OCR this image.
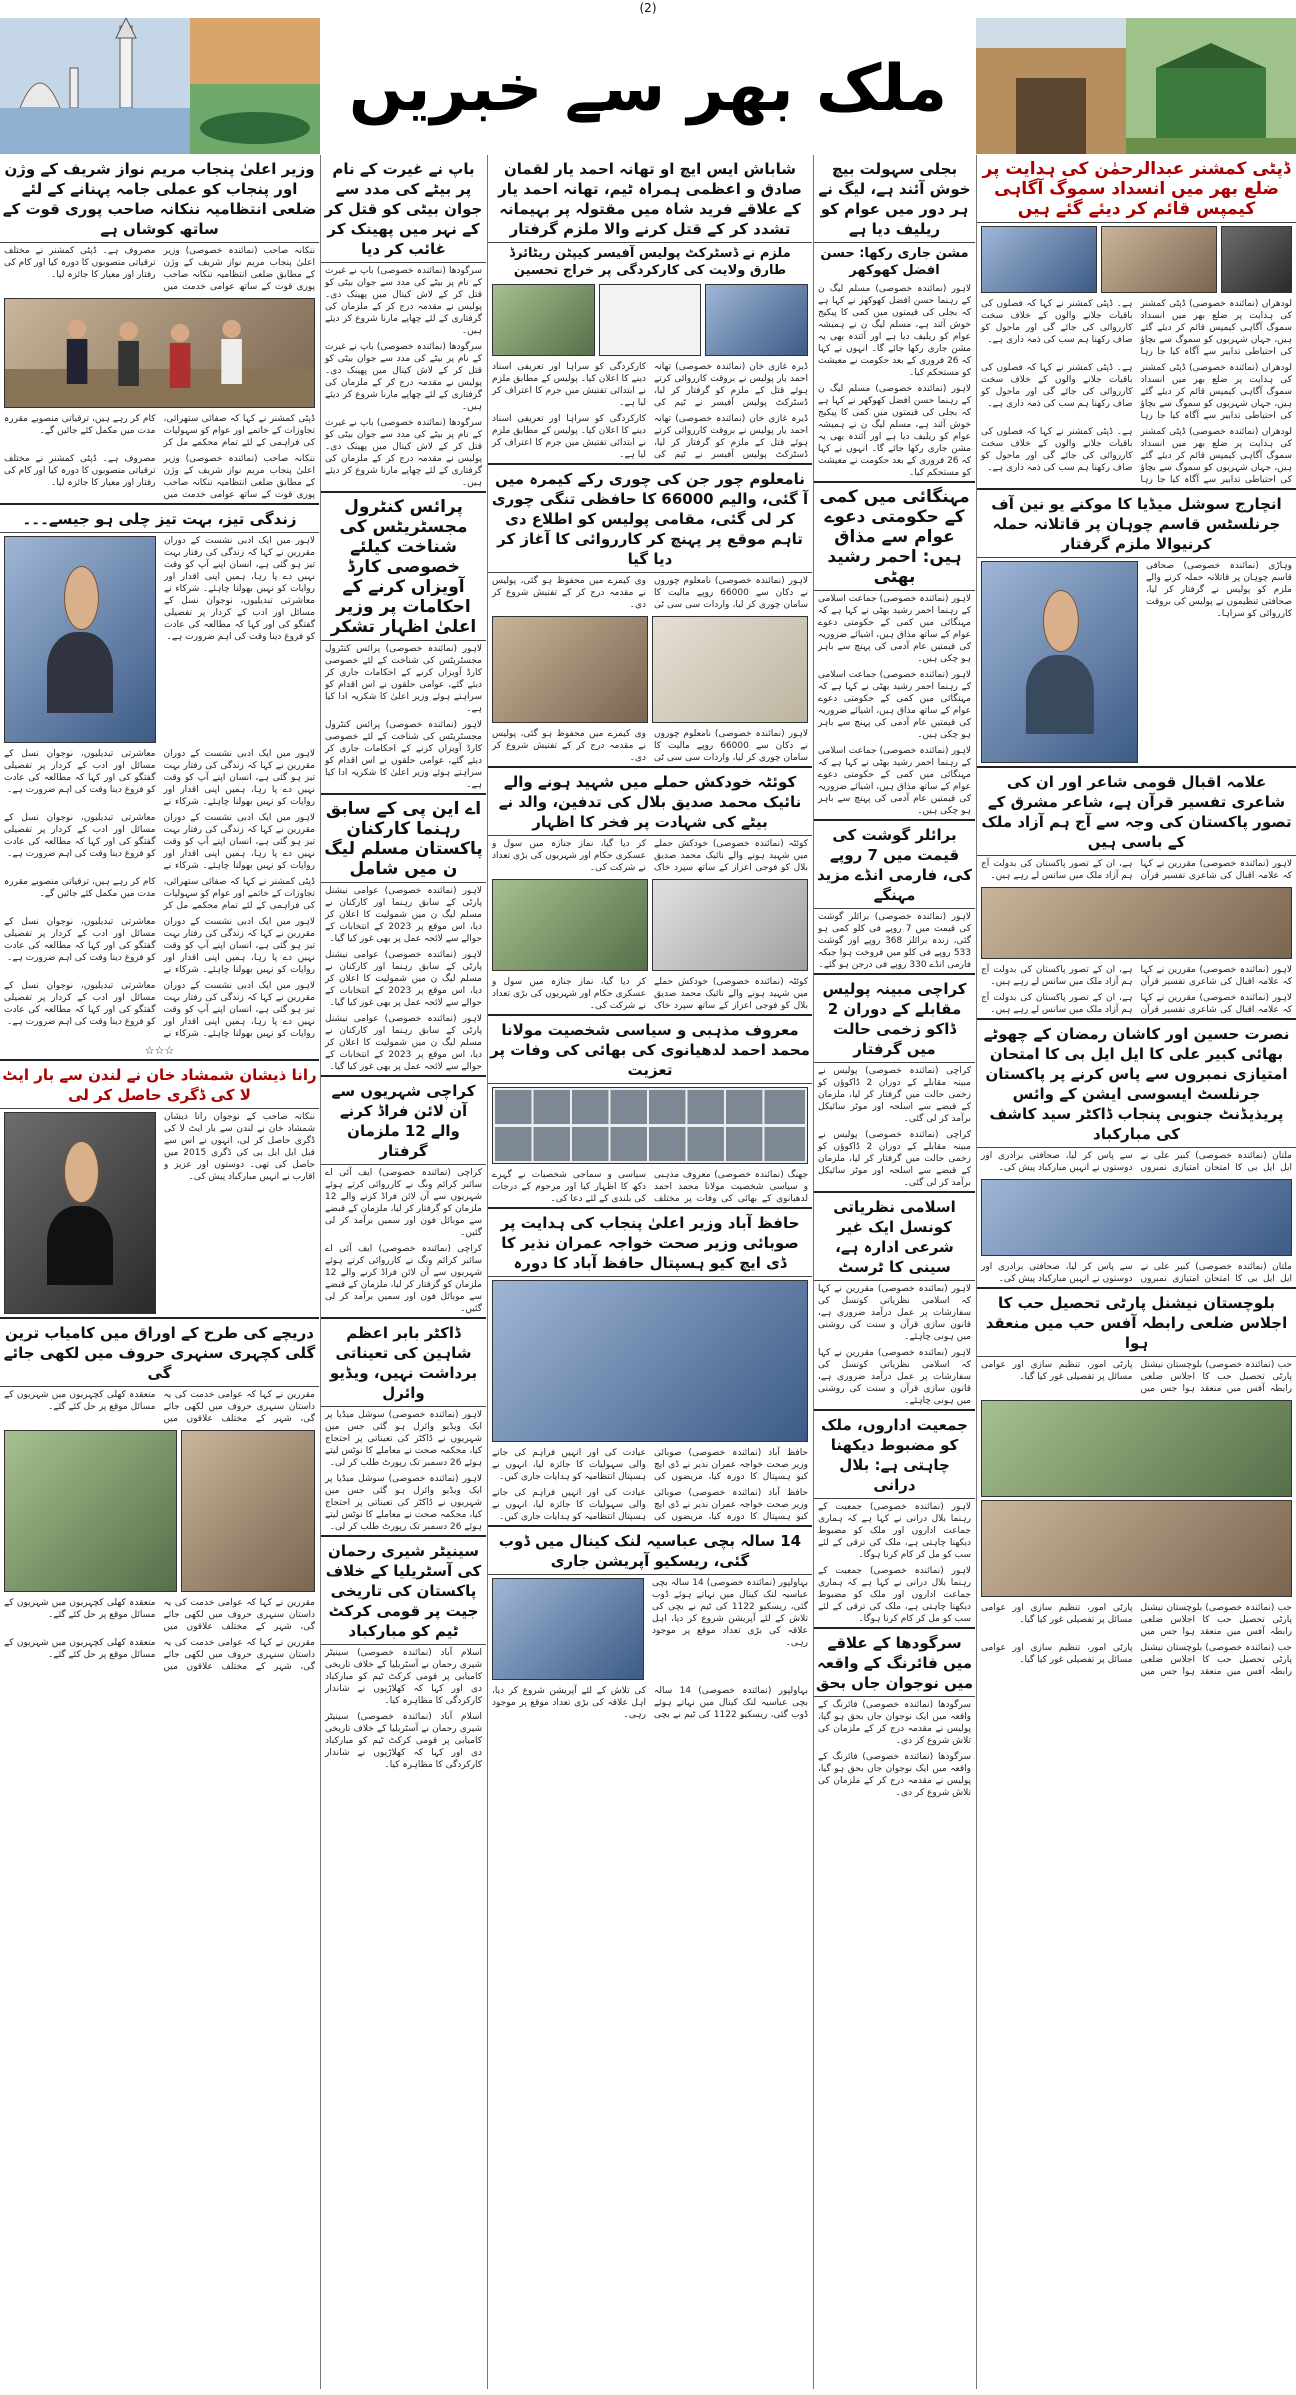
(2)
ملک بھر سے خبریں
وزیر اعلیٰ پنجاب مریم نواز شریف کے وژن اور پنجاب کو عملی جامہ پہنانے کے لئے ضلعی انتظامیہ ننکانہ صاحب پوری قوت کے ساتھ کوشاں ہے
ننکانہ صاحب (نمائندہ خصوصی) وزیر اعلیٰ پنجاب مریم نواز شریف کے وژن کے مطابق ضلعی انتظامیہ ننکانہ صاحب پوری قوت کے ساتھ عوامی خدمت میں مصروف ہے۔ ڈپٹی کمشنر نے مختلف ترقیاتی منصوبوں کا دورہ کیا اور کام کی رفتار اور معیار کا جائزہ لیا۔
ڈپٹی کمشنر نے کہا کہ صفائی ستھرائی، تجاوزات کے خاتمے اور عوام کو سہولیات کی فراہمی کے لئے تمام محکمے مل کر کام کر رہے ہیں، ترقیاتی منصوبے مقررہ مدت میں مکمل کئے جائیں گے۔
ننکانہ صاحب (نمائندہ خصوصی) وزیر اعلیٰ پنجاب مریم نواز شریف کے وژن کے مطابق ضلعی انتظامیہ ننکانہ صاحب پوری قوت کے ساتھ عوامی خدمت میں مصروف ہے۔ ڈپٹی کمشنر نے مختلف ترقیاتی منصوبوں کا دورہ کیا اور کام کی رفتار اور معیار کا جائزہ لیا۔
زندگی تیز، بہت تیز چلی ہو جیسے۔۔۔
لاہور میں ایک ادبی نشست کے دوران مقررین نے کہا کہ زندگی کی رفتار بہت تیز ہو گئی ہے، انسان اپنے آپ کو وقت نہیں دے پا رہا، ہمیں اپنی اقدار اور روایات کو نہیں بھولنا چاہئے۔ شرکاء نے معاشرتی تبدیلیوں، نوجوان نسل کے مسائل اور ادب کے کردار پر تفصیلی گفتگو کی اور کہا کہ مطالعہ کی عادت کو فروغ دینا وقت کی اہم ضرورت ہے۔
لاہور میں ایک ادبی نشست کے دوران مقررین نے کہا کہ زندگی کی رفتار بہت تیز ہو گئی ہے، انسان اپنے آپ کو وقت نہیں دے پا رہا، ہمیں اپنی اقدار اور روایات کو نہیں بھولنا چاہئے۔ شرکاء نے معاشرتی تبدیلیوں، نوجوان نسل کے مسائل اور ادب کے کردار پر تفصیلی گفتگو کی اور کہا کہ مطالعہ کی عادت کو فروغ دینا وقت کی اہم ضرورت ہے۔
لاہور میں ایک ادبی نشست کے دوران مقررین نے کہا کہ زندگی کی رفتار بہت تیز ہو گئی ہے، انسان اپنے آپ کو وقت نہیں دے پا رہا، ہمیں اپنی اقدار اور روایات کو نہیں بھولنا چاہئے۔ شرکاء نے معاشرتی تبدیلیوں، نوجوان نسل کے مسائل اور ادب کے کردار پر تفصیلی گفتگو کی اور کہا کہ مطالعہ کی عادت کو فروغ دینا وقت کی اہم ضرورت ہے۔
ڈپٹی کمشنر نے کہا کہ صفائی ستھرائی، تجاوزات کے خاتمے اور عوام کو سہولیات کی فراہمی کے لئے تمام محکمے مل کر کام کر رہے ہیں، ترقیاتی منصوبے مقررہ مدت میں مکمل کئے جائیں گے۔
لاہور میں ایک ادبی نشست کے دوران مقررین نے کہا کہ زندگی کی رفتار بہت تیز ہو گئی ہے، انسان اپنے آپ کو وقت نہیں دے پا رہا، ہمیں اپنی اقدار اور روایات کو نہیں بھولنا چاہئے۔ شرکاء نے معاشرتی تبدیلیوں، نوجوان نسل کے مسائل اور ادب کے کردار پر تفصیلی گفتگو کی اور کہا کہ مطالعہ کی عادت کو فروغ دینا وقت کی اہم ضرورت ہے۔
لاہور میں ایک ادبی نشست کے دوران مقررین نے کہا کہ زندگی کی رفتار بہت تیز ہو گئی ہے، انسان اپنے آپ کو وقت نہیں دے پا رہا، ہمیں اپنی اقدار اور روایات کو نہیں بھولنا چاہئے۔ شرکاء نے معاشرتی تبدیلیوں، نوجوان نسل کے مسائل اور ادب کے کردار پر تفصیلی گفتگو کی اور کہا کہ مطالعہ کی عادت کو فروغ دینا وقت کی اہم ضرورت ہے۔
☆☆☆
رانا ذیشان شمشاد خان نے لندن سے بار ایٹ لا کی ڈگری حاصل کر لی
ننکانہ صاحب کے نوجوان رانا ذیشان شمشاد خان نے لندن سے بار ایٹ لا کی ڈگری حاصل کر لی، انہوں نے اس سے قبل ایل ایل بی کی ڈگری 2015 میں حاصل کی تھی۔ دوستوں اور عزیز و اقارب نے انہیں مبارکباد پیش کی۔
دریچے کی طرح کے اوراق میں کامیاب ترین گلی کچہری سنہری حروف میں لکھی جائے گی
مقررین نے کہا کہ عوامی خدمت کی یہ داستان سنہری حروف میں لکھی جائے گی، شہر کے مختلف علاقوں میں منعقدہ کھلی کچہریوں میں شہریوں کے مسائل موقع پر حل کئے گئے۔
مقررین نے کہا کہ عوامی خدمت کی یہ داستان سنہری حروف میں لکھی جائے گی، شہر کے مختلف علاقوں میں منعقدہ کھلی کچہریوں میں شہریوں کے مسائل موقع پر حل کئے گئے۔
مقررین نے کہا کہ عوامی خدمت کی یہ داستان سنہری حروف میں لکھی جائے گی، شہر کے مختلف علاقوں میں منعقدہ کھلی کچہریوں میں شہریوں کے مسائل موقع پر حل کئے گئے۔
باپ نے غیرت کے نام پر بیٹے کی مدد سے جوان بیٹی کو قتل کر کے نہر میں پھینک کر غائب کر دیا
سرگودھا (نمائندہ خصوصی) باپ نے غیرت کے نام پر بیٹے کی مدد سے جوان بیٹی کو قتل کر کے لاش کینال میں پھینک دی۔ پولیس نے مقدمہ درج کر کے ملزمان کی گرفتاری کے لئے چھاپے مارنا شروع کر دیئے ہیں۔
سرگودھا (نمائندہ خصوصی) باپ نے غیرت کے نام پر بیٹے کی مدد سے جوان بیٹی کو قتل کر کے لاش کینال میں پھینک دی۔ پولیس نے مقدمہ درج کر کے ملزمان کی گرفتاری کے لئے چھاپے مارنا شروع کر دیئے ہیں۔
سرگودھا (نمائندہ خصوصی) باپ نے غیرت کے نام پر بیٹے کی مدد سے جوان بیٹی کو قتل کر کے لاش کینال میں پھینک دی۔ پولیس نے مقدمہ درج کر کے ملزمان کی گرفتاری کے لئے چھاپے مارنا شروع کر دیئے ہیں۔
پرائس کنٹرول مجسٹریٹس کی شناخت کیلئے خصوصی کارڈ آویزاں کرنے کے احکامات پر وزیر اعلیٰ اظہار تشکر
لاہور (نمائندہ خصوصی) پرائس کنٹرول مجسٹریٹس کی شناخت کے لئے خصوصی کارڈ آویزاں کرنے کے احکامات جاری کر دیئے گئے، عوامی حلقوں نے اس اقدام کو سراہتے ہوئے وزیر اعلیٰ کا شکریہ ادا کیا ہے۔
لاہور (نمائندہ خصوصی) پرائس کنٹرول مجسٹریٹس کی شناخت کے لئے خصوصی کارڈ آویزاں کرنے کے احکامات جاری کر دیئے گئے، عوامی حلقوں نے اس اقدام کو سراہتے ہوئے وزیر اعلیٰ کا شکریہ ادا کیا ہے۔
اے این پی کے سابق رہنما کارکنان پاکستان مسلم لیگ ن میں شامل
لاہور (نمائندہ خصوصی) عوامی نیشنل پارٹی کے سابق رہنما اور کارکنان نے مسلم لیگ ن میں شمولیت کا اعلان کر دیا، اس موقع پر 2023 کے انتخابات کے حوالے سے لائحہ عمل پر بھی غور کیا گیا۔
لاہور (نمائندہ خصوصی) عوامی نیشنل پارٹی کے سابق رہنما اور کارکنان نے مسلم لیگ ن میں شمولیت کا اعلان کر دیا، اس موقع پر 2023 کے انتخابات کے حوالے سے لائحہ عمل پر بھی غور کیا گیا۔
لاہور (نمائندہ خصوصی) عوامی نیشنل پارٹی کے سابق رہنما اور کارکنان نے مسلم لیگ ن میں شمولیت کا اعلان کر دیا، اس موقع پر 2023 کے انتخابات کے حوالے سے لائحہ عمل پر بھی غور کیا گیا۔
کراچی شہریوں سے آن لائن فراڈ کرنے والے 12 ملزمان گرفتار
کراچی (نمائندہ خصوصی) ایف آئی اے سائبر کرائم ونگ نے کارروائی کرتے ہوئے شہریوں سے آن لائن فراڈ کرنے والے 12 ملزمان کو گرفتار کر لیا، ملزمان کے قبضے سے موبائل فون اور سمیں برآمد کر لی گئیں۔
کراچی (نمائندہ خصوصی) ایف آئی اے سائبر کرائم ونگ نے کارروائی کرتے ہوئے شہریوں سے آن لائن فراڈ کرنے والے 12 ملزمان کو گرفتار کر لیا، ملزمان کے قبضے سے موبائل فون اور سمیں برآمد کر لی گئیں۔
ڈاکٹر بابر اعظم شاہین کی تعیناتی برداشت نہیں، ویڈیو وائرل
لاہور (نمائندہ خصوصی) سوشل میڈیا پر ایک ویڈیو وائرل ہو گئی جس میں شہریوں نے ڈاکٹر کی تعیناتی پر احتجاج کیا، محکمہ صحت نے معاملے کا نوٹس لیتے ہوئے 26 دسمبر تک رپورٹ طلب کر لی۔
لاہور (نمائندہ خصوصی) سوشل میڈیا پر ایک ویڈیو وائرل ہو گئی جس میں شہریوں نے ڈاکٹر کی تعیناتی پر احتجاج کیا، محکمہ صحت نے معاملے کا نوٹس لیتے ہوئے 26 دسمبر تک رپورٹ طلب کر لی۔
سینیٹر شیری رحمان کی آسٹریلیا کے خلاف پاکستان کی تاریخی جیت پر قومی کرکٹ ٹیم کو مبارکباد
اسلام آباد (نمائندہ خصوصی) سینیٹر شیری رحمان نے آسٹریلیا کے خلاف تاریخی کامیابی پر قومی کرکٹ ٹیم کو مبارکباد دی اور کہا کہ کھلاڑیوں نے شاندار کارکردگی کا مظاہرہ کیا۔
اسلام آباد (نمائندہ خصوصی) سینیٹر شیری رحمان نے آسٹریلیا کے خلاف تاریخی کامیابی پر قومی کرکٹ ٹیم کو مبارکباد دی اور کہا کہ کھلاڑیوں نے شاندار کارکردگی کا مظاہرہ کیا۔
شاباش ایس ایچ او تھانہ احمد یار لقمان صادق و اعظمی ہمراہ ٹیم، تھانہ احمد یار کے علاقے فرید شاہ میں مقتولہ پر بہیمانہ تشدد کر کے قتل کرنے والا ملزم گرفتار
ملزم نے ڈسٹرکٹ پولیس آفیسر کیپٹن ریٹائرڈ طارق ولایت کی کارکردگی پر خراج تحسین
ڈیرہ غازی خان (نمائندہ خصوصی) تھانہ احمد یار پولیس نے بروقت کارروائی کرتے ہوئے قتل کے ملزم کو گرفتار کر لیا، ڈسٹرکٹ پولیس آفیسر نے ٹیم کی کارکردگی کو سراہا اور تعریفی اسناد دینے کا اعلان کیا۔ پولیس کے مطابق ملزم نے ابتدائی تفتیش میں جرم کا اعتراف کر لیا ہے۔
ڈیرہ غازی خان (نمائندہ خصوصی) تھانہ احمد یار پولیس نے بروقت کارروائی کرتے ہوئے قتل کے ملزم کو گرفتار کر لیا، ڈسٹرکٹ پولیس آفیسر نے ٹیم کی کارکردگی کو سراہا اور تعریفی اسناد دینے کا اعلان کیا۔ پولیس کے مطابق ملزم نے ابتدائی تفتیش میں جرم کا اعتراف کر لیا ہے۔
نامعلوم چور جن کی چوری رکے کیمرہ میں آ گئی، والیم 66000 کا حافظی تنگی چوری کر لی گئی، مقامی پولیس کو اطلاع دی تاہم موقع پر پہنچ کر کارروائی کا آغاز کر دیا گیا
لاہور (نمائندہ خصوصی) نامعلوم چوروں نے دکان سے 66000 روپے مالیت کا سامان چوری کر لیا، واردات سی سی ٹی وی کیمرے میں محفوظ ہو گئی، پولیس نے مقدمہ درج کر کے تفتیش شروع کر دی۔
لاہور (نمائندہ خصوصی) نامعلوم چوروں نے دکان سے 66000 روپے مالیت کا سامان چوری کر لیا، واردات سی سی ٹی وی کیمرے میں محفوظ ہو گئی، پولیس نے مقدمہ درج کر کے تفتیش شروع کر دی۔
کوئٹہ خودکش حملے میں شہید ہونے والے نائیک محمد صدیق بلال کی تدفین، والد نے بیٹے کی شہادت پر فخر کا اظہار
کوئٹہ (نمائندہ خصوصی) خودکش حملے میں شہید ہونے والے نائیک محمد صدیق بلال کو فوجی اعزاز کے ساتھ سپرد خاک کر دیا گیا، نماز جنازہ میں سول و عسکری حکام اور شہریوں کی بڑی تعداد نے شرکت کی۔
کوئٹہ (نمائندہ خصوصی) خودکش حملے میں شہید ہونے والے نائیک محمد صدیق بلال کو فوجی اعزاز کے ساتھ سپرد خاک کر دیا گیا، نماز جنازہ میں سول و عسکری حکام اور شہریوں کی بڑی تعداد نے شرکت کی۔
معروف مذہبی و سیاسی شخصیت مولانا محمد احمد لدھیانوی کی بھائی کی وفات پر تعزیت
جھنگ (نمائندہ خصوصی) معروف مذہبی و سیاسی شخصیت مولانا محمد احمد لدھیانوی کے بھائی کی وفات پر مختلف سیاسی و سماجی شخصیات نے گہرے دکھ کا اظہار کیا اور مرحوم کے درجات کی بلندی کے لئے دعا کی۔
حافظ آباد وزیر اعلیٰ پنجاب کی ہدایت پر صوبائی وزیر صحت خواجہ عمران نذیر کا ڈی ایچ کیو ہسپتال حافظ آباد کا دورہ
حافظ آباد (نمائندہ خصوصی) صوبائی وزیر صحت خواجہ عمران نذیر نے ڈی ایچ کیو ہسپتال کا دورہ کیا، مریضوں کی عیادت کی اور انہیں فراہم کی جانے والی سہولیات کا جائزہ لیا، انہوں نے ہسپتال انتظامیہ کو ہدایات جاری کیں۔
حافظ آباد (نمائندہ خصوصی) صوبائی وزیر صحت خواجہ عمران نذیر نے ڈی ایچ کیو ہسپتال کا دورہ کیا، مریضوں کی عیادت کی اور انہیں فراہم کی جانے والی سہولیات کا جائزہ لیا، انہوں نے ہسپتال انتظامیہ کو ہدایات جاری کیں۔
14 سالہ بچی عباسیہ لنک کینال میں ڈوب گئی، ریسکیو آپریشن جاری
بہاولپور (نمائندہ خصوصی) 14 سالہ بچی عباسیہ لنک کینال میں نہاتے ہوئے ڈوب گئی، ریسکیو 1122 کی ٹیم نے بچی کی تلاش کے لئے آپریشن شروع کر دیا، اہل علاقہ کی بڑی تعداد موقع پر موجود رہی۔
بہاولپور (نمائندہ خصوصی) 14 سالہ بچی عباسیہ لنک کینال میں نہاتے ہوئے ڈوب گئی، ریسکیو 1122 کی ٹیم نے بچی کی تلاش کے لئے آپریشن شروع کر دیا، اہل علاقہ کی بڑی تعداد موقع پر موجود رہی۔
بجلی سہولت بیچ خوش آئند ہے، لیگ نے ہر دور میں عوام کو ریلیف دیا ہے
مشن جاری رکھا: حسن افضل کھوکھر
لاہور (نمائندہ خصوصی) مسلم لیگ ن کے رہنما حسن افضل کھوکھر نے کہا ہے کہ بجلی کی قیمتوں میں کمی کا پیکیج خوش آئند ہے، مسلم لیگ ن نے ہمیشہ عوام کو ریلیف دیا ہے اور آئندہ بھی یہ مشن جاری رکھا جائے گا۔ انہوں نے کہا کہ 26 فروری کے بعد حکومت نے معیشت کو مستحکم کیا۔
لاہور (نمائندہ خصوصی) مسلم لیگ ن کے رہنما حسن افضل کھوکھر نے کہا ہے کہ بجلی کی قیمتوں میں کمی کا پیکیج خوش آئند ہے، مسلم لیگ ن نے ہمیشہ عوام کو ریلیف دیا ہے اور آئندہ بھی یہ مشن جاری رکھا جائے گا۔ انہوں نے کہا کہ 26 فروری کے بعد حکومت نے معیشت کو مستحکم کیا۔
مہنگائی میں کمی کے حکومتی دعوے عوام سے مذاق ہیں: احمر رشید بھٹی
لاہور (نمائندہ خصوصی) جماعت اسلامی کے رہنما احمر رشید بھٹی نے کہا ہے کہ مہنگائی میں کمی کے حکومتی دعوے عوام کے ساتھ مذاق ہیں، اشیائے ضروریہ کی قیمتیں عام آدمی کی پہنچ سے باہر ہو چکی ہیں۔
لاہور (نمائندہ خصوصی) جماعت اسلامی کے رہنما احمر رشید بھٹی نے کہا ہے کہ مہنگائی میں کمی کے حکومتی دعوے عوام کے ساتھ مذاق ہیں، اشیائے ضروریہ کی قیمتیں عام آدمی کی پہنچ سے باہر ہو چکی ہیں۔
لاہور (نمائندہ خصوصی) جماعت اسلامی کے رہنما احمر رشید بھٹی نے کہا ہے کہ مہنگائی میں کمی کے حکومتی دعوے عوام کے ساتھ مذاق ہیں، اشیائے ضروریہ کی قیمتیں عام آدمی کی پہنچ سے باہر ہو چکی ہیں۔
برائلر گوشت کی قیمت میں 7 روپے کی، فارمی انڈے مزید مہنگے
لاہور (نمائندہ خصوصی) برائلر گوشت کی قیمت میں 7 روپے فی کلو کمی ہو گئی، زندہ برائلر 368 روپے اور گوشت 533 روپے فی کلو میں فروخت ہوا جبکہ فارمی انڈے 330 روپے فی درجن ہو گئے۔
کراچی مبینہ پولیس مقابلے کے دوران 2 ڈاکو زخمی حالت میں گرفتار
کراچی (نمائندہ خصوصی) پولیس نے مبینہ مقابلے کے دوران 2 ڈاکوؤں کو زخمی حالت میں گرفتار کر لیا، ملزمان کے قبضے سے اسلحہ اور موٹر سائیکل برآمد کر لی گئی۔
کراچی (نمائندہ خصوصی) پولیس نے مبینہ مقابلے کے دوران 2 ڈاکوؤں کو زخمی حالت میں گرفتار کر لیا، ملزمان کے قبضے سے اسلحہ اور موٹر سائیکل برآمد کر لی گئی۔
اسلامی نظریاتی کونسل ایک غیر شرعی ادارہ ہے، سینی کا ٹرسٹ
لاہور (نمائندہ خصوصی) مقررین نے کہا کہ اسلامی نظریاتی کونسل کی سفارشات پر عمل درآمد ضروری ہے، قانون سازی قرآن و سنت کی روشنی میں ہونی چاہئے۔
لاہور (نمائندہ خصوصی) مقررین نے کہا کہ اسلامی نظریاتی کونسل کی سفارشات پر عمل درآمد ضروری ہے، قانون سازی قرآن و سنت کی روشنی میں ہونی چاہئے۔
جمعیت اداروں، ملک کو مضبوط دیکھنا چاہتی ہے: بلال درانی
لاہور (نمائندہ خصوصی) جمعیت کے رہنما بلال درانی نے کہا ہے کہ ہماری جماعت اداروں اور ملک کو مضبوط دیکھنا چاہتی ہے، ملک کی ترقی کے لئے سب کو مل کر کام کرنا ہوگا۔
لاہور (نمائندہ خصوصی) جمعیت کے رہنما بلال درانی نے کہا ہے کہ ہماری جماعت اداروں اور ملک کو مضبوط دیکھنا چاہتی ہے، ملک کی ترقی کے لئے سب کو مل کر کام کرنا ہوگا۔
سرگودھا کے علاقے میں فائرنگ کے واقعہ میں نوجوان جاں بحق
سرگودھا (نمائندہ خصوصی) فائرنگ کے واقعہ میں ایک نوجوان جاں بحق ہو گیا، پولیس نے مقدمہ درج کر کے ملزمان کی تلاش شروع کر دی۔
سرگودھا (نمائندہ خصوصی) فائرنگ کے واقعہ میں ایک نوجوان جاں بحق ہو گیا، پولیس نے مقدمہ درج کر کے ملزمان کی تلاش شروع کر دی۔
ڈپٹی کمشنر عبدالرحمٰن کی ہدایت پر ضلع بھر میں انسداد سموگ آگاہی کیمپس قائم کر دیئے گئے ہیں
لودھراں (نمائندہ خصوصی) ڈپٹی کمشنر کی ہدایت پر ضلع بھر میں انسداد سموگ آگاہی کیمپس قائم کر دیئے گئے ہیں، جہاں شہریوں کو سموگ سے بچاؤ کی احتیاطی تدابیر سے آگاہ کیا جا رہا ہے۔ ڈپٹی کمشنر نے کہا کہ فصلوں کی باقیات جلانے والوں کے خلاف سخت کارروائی کی جائے گی اور ماحول کو صاف رکھنا ہم سب کی ذمہ داری ہے۔
لودھراں (نمائندہ خصوصی) ڈپٹی کمشنر کی ہدایت پر ضلع بھر میں انسداد سموگ آگاہی کیمپس قائم کر دیئے گئے ہیں، جہاں شہریوں کو سموگ سے بچاؤ کی احتیاطی تدابیر سے آگاہ کیا جا رہا ہے۔ ڈپٹی کمشنر نے کہا کہ فصلوں کی باقیات جلانے والوں کے خلاف سخت کارروائی کی جائے گی اور ماحول کو صاف رکھنا ہم سب کی ذمہ داری ہے۔
لودھراں (نمائندہ خصوصی) ڈپٹی کمشنر کی ہدایت پر ضلع بھر میں انسداد سموگ آگاہی کیمپس قائم کر دیئے گئے ہیں، جہاں شہریوں کو سموگ سے بچاؤ کی احتیاطی تدابیر سے آگاہ کیا جا رہا ہے۔ ڈپٹی کمشنر نے کہا کہ فصلوں کی باقیات جلانے والوں کے خلاف سخت کارروائی کی جائے گی اور ماحول کو صاف رکھنا ہم سب کی ذمہ داری ہے۔
انچارج سوشل میڈیا کا موکنے یو نین آف جرنلسٹس قاسم چوہان پر قاتلانہ حملہ کرنیوالا ملزم گرفتار
وہاڑی (نمائندہ خصوصی) صحافی قاسم چوہان پر قاتلانہ حملہ کرنے والے ملزم کو پولیس نے گرفتار کر لیا، صحافتی تنظیموں نے پولیس کی بروقت کارروائی کو سراہا۔
علامہ اقبال قومی شاعر اور ان کی شاعری تفسیر قرآن ہے، شاعر مشرق کے تصور پاکستان کی وجہ سے آج ہم آزاد ملک کے باسی ہیں
لاہور (نمائندہ خصوصی) مقررین نے کہا کہ علامہ اقبال کی شاعری تفسیر قرآن ہے، ان کے تصور پاکستان کی بدولت آج ہم آزاد ملک میں سانس لے رہے ہیں۔
لاہور (نمائندہ خصوصی) مقررین نے کہا کہ علامہ اقبال کی شاعری تفسیر قرآن ہے، ان کے تصور پاکستان کی بدولت آج ہم آزاد ملک میں سانس لے رہے ہیں۔
لاہور (نمائندہ خصوصی) مقررین نے کہا کہ علامہ اقبال کی شاعری تفسیر قرآن ہے، ان کے تصور پاکستان کی بدولت آج ہم آزاد ملک میں سانس لے رہے ہیں۔
نصرت حسین اور کاشان رمضان کے چھوٹے بھائی کبیر علی کا ایل ایل بی کا امتحان امتیازی نمبروں سے پاس کرنے پر پاکستان جرنلسٹ ایسوسی ایشن کے وائس پریذیڈنٹ جنوبی پنجاب ڈاکٹر سید کاشف کی مبارکباد
ملتان (نمائندہ خصوصی) کبیر علی نے ایل ایل بی کا امتحان امتیازی نمبروں سے پاس کر لیا، صحافتی برادری اور دوستوں نے انہیں مبارکباد پیش کی۔
ملتان (نمائندہ خصوصی) کبیر علی نے ایل ایل بی کا امتحان امتیازی نمبروں سے پاس کر لیا، صحافتی برادری اور دوستوں نے انہیں مبارکباد پیش کی۔
بلوچستان نیشنل پارٹی تحصیل حب کا اجلاس ضلعی رابطہ آفس حب میں منعقد ہوا
حب (نمائندہ خصوصی) بلوچستان نیشنل پارٹی تحصیل حب کا اجلاس ضلعی رابطہ آفس میں منعقد ہوا جس میں پارٹی امور، تنظیم سازی اور عوامی مسائل پر تفصیلی غور کیا گیا۔
حب (نمائندہ خصوصی) بلوچستان نیشنل پارٹی تحصیل حب کا اجلاس ضلعی رابطہ آفس میں منعقد ہوا جس میں پارٹی امور، تنظیم سازی اور عوامی مسائل پر تفصیلی غور کیا گیا۔
حب (نمائندہ خصوصی) بلوچستان نیشنل پارٹی تحصیل حب کا اجلاس ضلعی رابطہ آفس میں منعقد ہوا جس میں پارٹی امور، تنظیم سازی اور عوامی مسائل پر تفصیلی غور کیا گیا۔
